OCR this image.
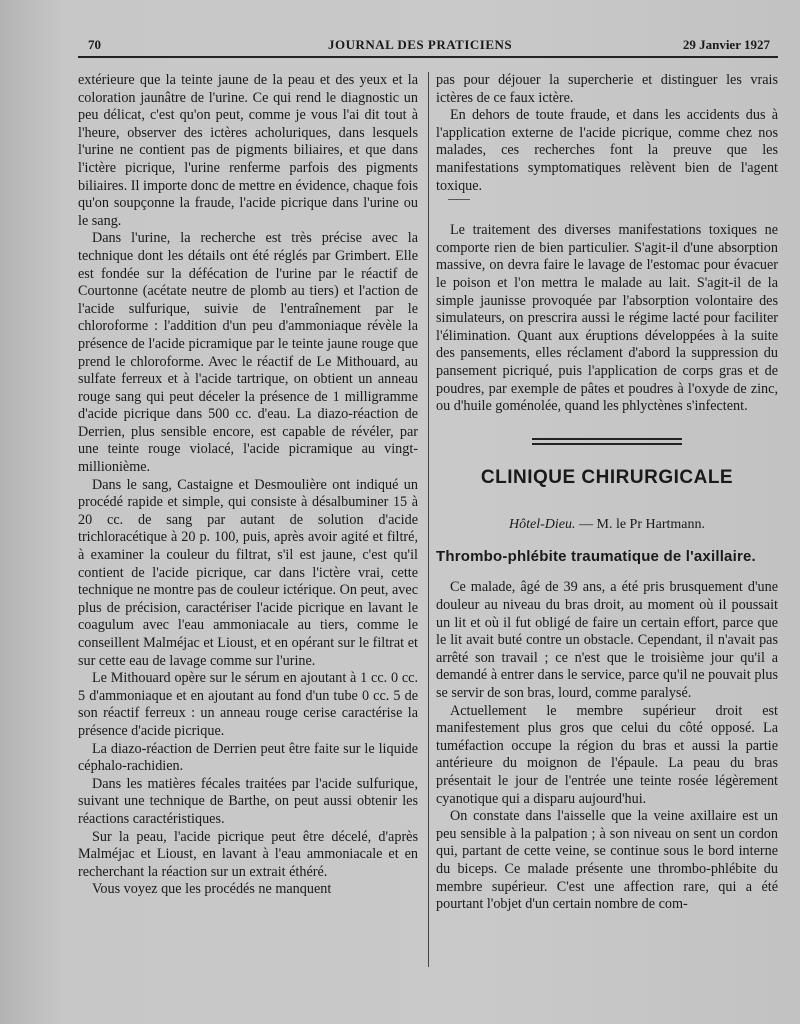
70	JOURNAL DES PRATICIENS	29 Janvier 1927

extérieure que la teinte jaune de la peau et des yeux et la coloration jaunâtre de l'urine. Ce qui rend le diagnostic un peu délicat, c'est qu'on peut, comme je vous l'ai dit tout à l'heure, observer des ictères acholuriques, dans lesquels l'urine ne contient pas de pigments biliaires, et que dans l'ictère picrique, l'urine renferme parfois des pigments biliaires. Il importe donc de mettre en évidence, chaque fois qu'on soupçonne la fraude, l'acide picrique dans l'urine ou le sang.

Dans l'urine, la recherche est très précise avec la technique dont les détails ont été réglés par Grimbert. Elle est fondée sur la défécation de l'urine par le réactif de Courtonne (acétate neutre de plomb au tiers) et l'action de l'acide sulfurique, suivie de l'entraînement par le chloroforme : l'addition d'un peu d'ammoniaque révèle la présence de l'acide picramique par le teinte jaune rouge que prend le chloroforme. Avec le réactif de Le Mithouard, au sulfate ferreux et à l'acide tartrique, on obtient un anneau rouge sang qui peut déceler la présence de 1 milligramme d'acide picrique dans 500 cc. d'eau. La diazo-réaction de Derrien, plus sensible encore, est capable de révéler, par une teinte rouge violacé, l'acide picramique au vingt-millionième.

Dans le sang, Castaigne et Desmoulière ont indiqué un procédé rapide et simple, qui consiste à désalbuminer 15 à 20 cc. de sang par autant de solution d'acide trichloracétique à 20 p. 100, puis, après avoir agité et filtré, à examiner la couleur du filtrat, s'il est jaune, c'est qu'il contient de l'acide picrique, car dans l'ictère vrai, cette technique ne montre pas de couleur ictérique. On peut, avec plus de précision, caractériser l'acide picrique en lavant le coagulum avec l'eau ammoniacale au tiers, comme le conseillent Malméjac et Lioust, et en opérant sur le filtrat et sur cette eau de lavage comme sur l'urine.

Le Mithouard opère sur le sérum en ajoutant à 1 cc. 0 cc. 5 d'ammoniaque et en ajoutant au fond d'un tube 0 cc. 5 de son réactif ferreux : un anneau rouge cerise caractérise la présence d'acide picrique.

La diazo-réaction de Derrien peut être faite sur le liquide céphalo-rachidien.

Dans les matières fécales traitées par l'acide sulfurique, suivant une technique de Barthe, on peut aussi obtenir les réactions caractéristiques.

Sur la peau, l'acide picrique peut être décelé, d'après Malméjac et Lioust, en lavant à l'eau ammoniacale et en recherchant la réaction sur un extrait éthéré.

Vous voyez que les procédés ne manquent

pas pour déjouer la supercherie et distinguer les vrais ictères de ce faux ictère.

En dehors de toute fraude, et dans les accidents dus à l'application externe de l'acide picrique, comme chez nos malades, ces recherches font la preuve que les manifestations symptomatiques relèvent bien de l'agent toxique.

Le traitement des diverses manifestations toxiques ne comporte rien de bien particulier. S'agit-il d'une absorption massive, on devra faire le lavage de l'estomac pour évacuer le poison et l'on mettra le malade au lait. S'agit-il de la simple jaunisse provoquée par l'absorption volontaire des simulateurs, on prescrira aussi le régime lacté pour faciliter l'élimination. Quant aux éruptions développées à la suite des pansements, elles réclament d'abord la suppression du pansement picriqué, puis l'application de corps gras et de poudres, par exemple de pâtes et poudres à l'oxyde de zinc, ou d'huile goménolée, quand les phlyctènes s'infectent.

CLINIQUE CHIRURGICALE
Hôtel-Dieu. — M. le Pr Hartmann.
Thrombo-phlébite traumatique de l'axillaire.

Ce malade, âgé de 39 ans, a été pris brusquement d'une douleur au niveau du bras droit, au moment où il poussait un lit et où il fut obligé de faire un certain effort, parce que le lit avait buté contre un obstacle. Cependant, il n'avait pas arrêté son travail ; ce n'est que le troisième jour qu'il a demandé à entrer dans le service, parce qu'il ne pouvait plus se servir de son bras, lourd, comme paralysé.

Actuellement le membre supérieur droit est manifestement plus gros que celui du côté opposé. La tuméfaction occupe la région du bras et aussi la partie antérieure du moignon de l'épaule. La peau du bras présentait le jour de l'entrée une teinte rosée légèrement cyanotique qui a disparu aujourd'hui.

On constate dans l'aisselle que la veine axillaire est un peu sensible à la palpation ; à son niveau on sent un cordon qui, partant de cette veine, se continue sous le bord interne du biceps. Ce malade présente une thrombo-phlébite du membre supérieur. C'est une affection rare, qui a été pourtant l'objet d'un certain nombre de com-
